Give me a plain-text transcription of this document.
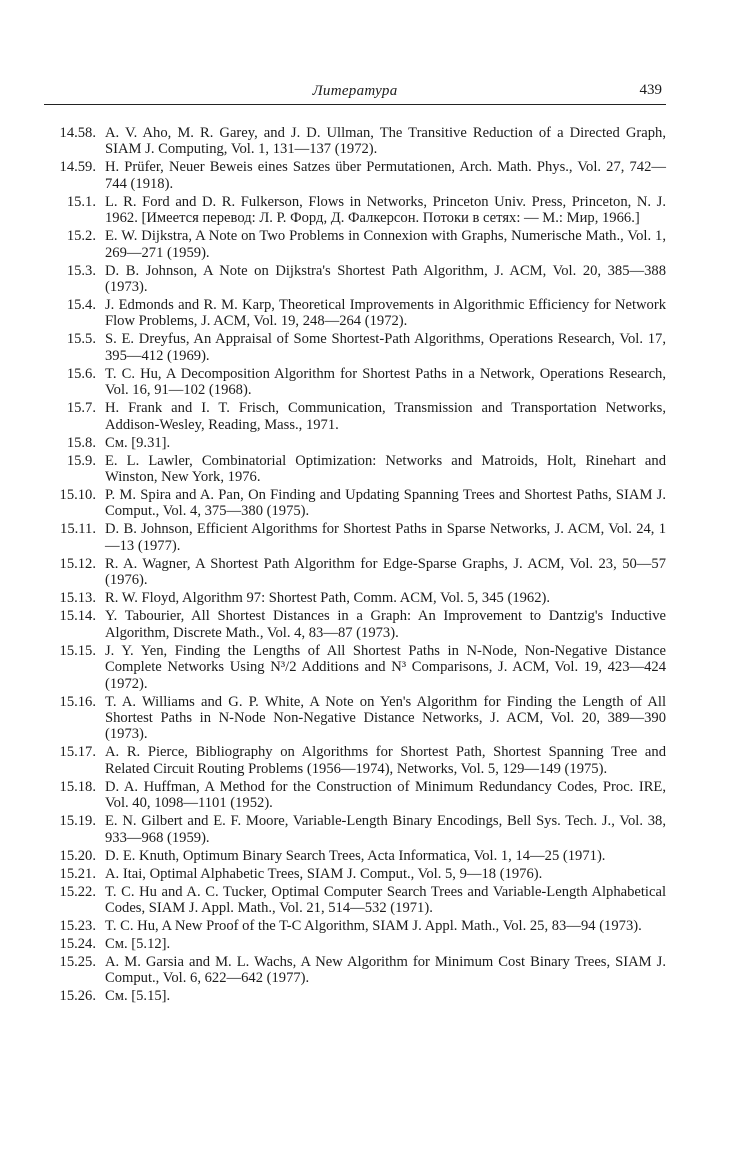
Литература	439
14.58. A. V. Aho, M. R. Garey, and J. D. Ullman, The Transitive Reduction of a Directed Graph, SIAM J. Computing, Vol. 1, 131—137 (1972).
14.59. H. Prüfer, Neuer Beweis eines Satzes über Permutationen, Arch. Math. Phys., Vol. 27, 742—744 (1918).
15.1. L. R. Ford and D. R. Fulkerson, Flows in Networks, Princeton Univ. Press, Princeton, N. J. 1962. [Имеется перевод: Л. Р. Форд, Д. Фалкерсон. Потоки в сетях: — М.: Мир, 1966.]
15.2. E. W. Dijkstra, A Note on Two Problems in Connexion with Graphs, Numerische Math., Vol. 1, 269—271 (1959).
15.3. D. B. Johnson, A Note on Dijkstra's Shortest Path Algorithm, J. ACM, Vol. 20, 385—388 (1973).
15.4. J. Edmonds and R. M. Karp, Theoretical Improvements in Algorithmic Efficiency for Network Flow Problems, J. ACM, Vol. 19, 248—264 (1972).
15.5. S. E. Dreyfus, An Appraisal of Some Shortest-Path Algorithms, Operations Research, Vol. 17, 395—412 (1969).
15.6. T. C. Hu, A Decomposition Algorithm for Shortest Paths in a Network, Operations Research, Vol. 16, 91—102 (1968).
15.7. H. Frank and I. T. Frisch, Communication, Transmission and Transportation Networks, Addison-Wesley, Reading, Mass., 1971.
15.8. См. [9.31].
15.9. E. L. Lawler, Combinatorial Optimization: Networks and Matroids, Holt, Rinehart and Winston, New York, 1976.
15.10. P. M. Spira and A. Pan, On Finding and Updating Spanning Trees and Shortest Paths, SIAM J. Comput., Vol. 4, 375—380 (1975).
15.11. D. B. Johnson, Efficient Algorithms for Shortest Paths in Sparse Networks, J. ACM, Vol. 24, 1—13 (1977).
15.12. R. A. Wagner, A Shortest Path Algorithm for Edge-Sparse Graphs, J. ACM, Vol. 23, 50—57 (1976).
15.13. R. W. Floyd, Algorithm 97: Shortest Path, Comm. ACM, Vol. 5, 345 (1962).
15.14. Y. Tabourier, All Shortest Distances in a Graph: An Improvement to Dantzig's Inductive Algorithm, Discrete Math., Vol. 4, 83—87 (1973).
15.15. J. Y. Yen, Finding the Lengths of All Shortest Paths in N-Node, Non-Negative Distance Complete Networks Using N³/2 Additions and N³ Comparisons, J. ACM, Vol. 19, 423—424 (1972).
15.16. T. A. Williams and G. P. White, A Note on Yen's Algorithm for Finding the Length of All Shortest Paths in N-Node Non-Negative Distance Networks, J. ACM, Vol. 20, 389—390 (1973).
15.17. A. R. Pierce, Bibliography on Algorithms for Shortest Path, Shortest Spanning Tree and Related Circuit Routing Problems (1956—1974), Networks, Vol. 5, 129—149 (1975).
15.18. D. A. Huffman, A Method for the Construction of Minimum Redundancy Codes, Proc. IRE, Vol. 40, 1098—1101 (1952).
15.19. E. N. Gilbert and E. F. Moore, Variable-Length Binary Encodings, Bell Sys. Tech. J., Vol. 38, 933—968 (1959).
15.20. D. E. Knuth, Optimum Binary Search Trees, Acta Informatica, Vol. 1, 14—25 (1971).
15.21. A. Itai, Optimal Alphabetic Trees, SIAM J. Comput., Vol. 5, 9—18 (1976).
15.22. T. C. Hu and A. C. Tucker, Optimal Computer Search Trees and Variable-Length Alphabetical Codes, SIAM J. Appl. Math., Vol. 21, 514—532 (1971).
15.23. T. C. Hu, A New Proof of the T-C Algorithm, SIAM J. Appl. Math., Vol. 25, 83—94 (1973).
15.24. См. [5.12].
15.25. A. M. Garsia and M. L. Wachs, A New Algorithm for Minimum Cost Binary Trees, SIAM J. Comput., Vol. 6, 622—642 (1977).
15.26. См. [5.15].
